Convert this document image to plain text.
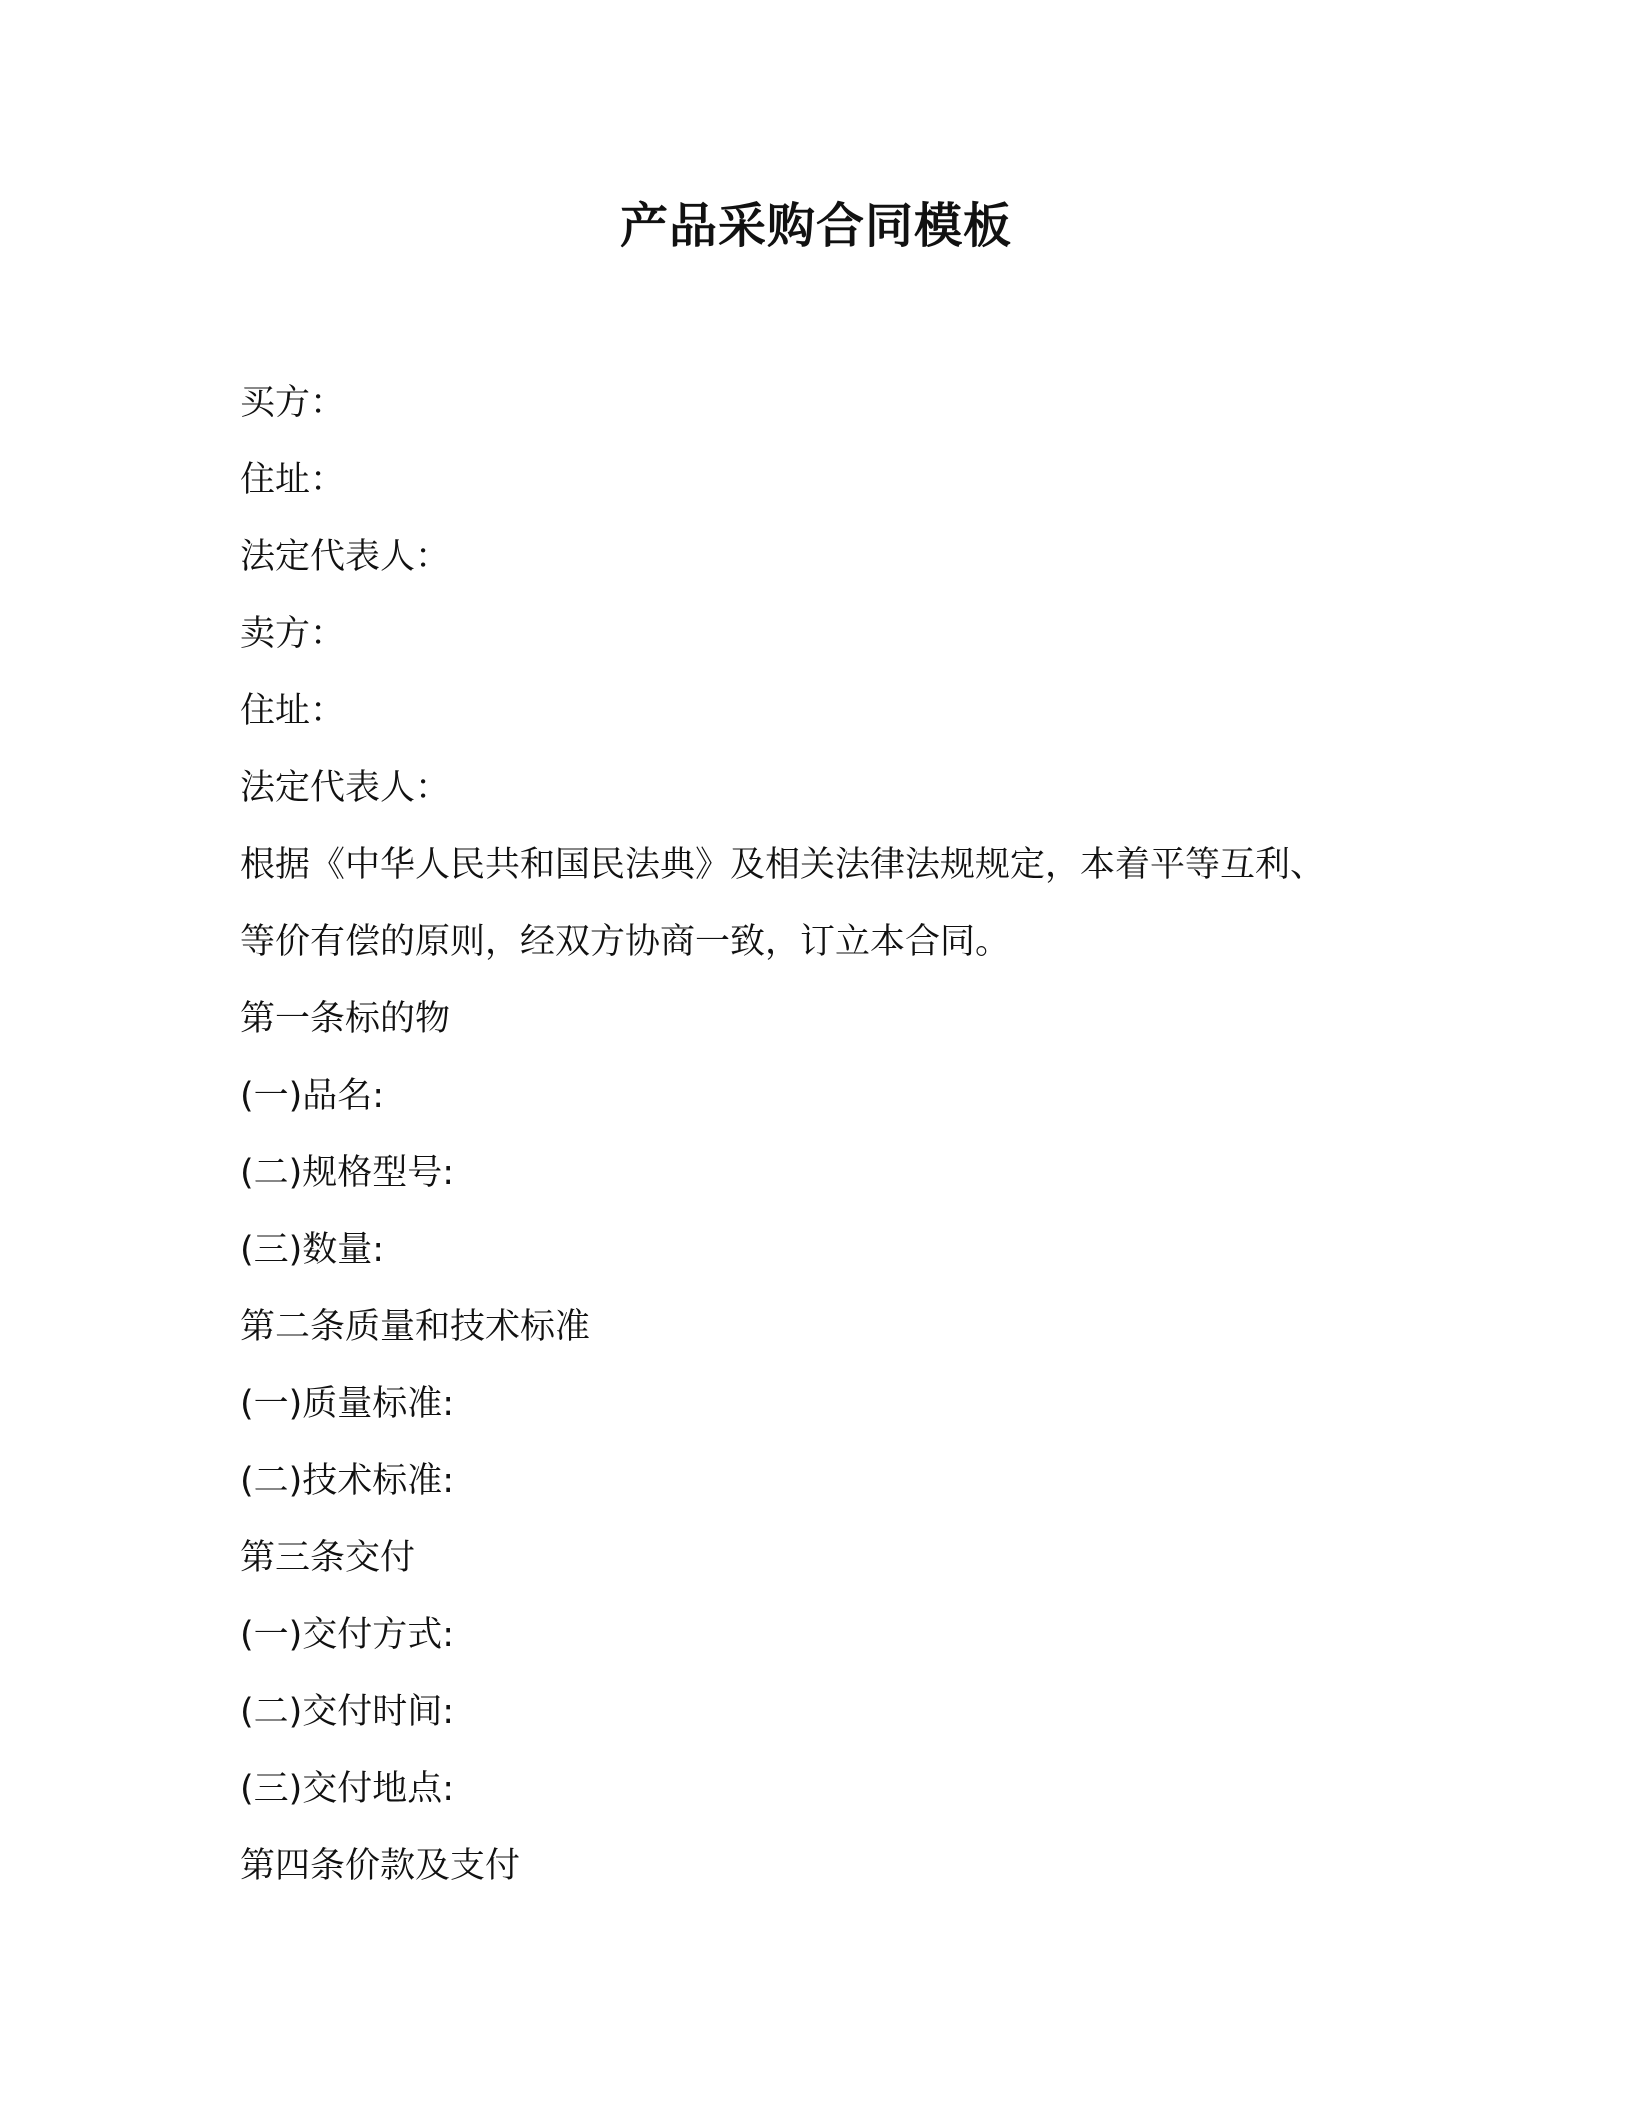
产品采购合同模板

买方：

住址：

法定代表人：

卖方：

住址：

法定代表人：

根据《中华人民共和国民法典》及相关法律法规规定，本着平等互利、

等价有偿的原则，经双方协商一致，订立本合同。

第一条标的物

(一)品名:

(二)规格型号:

(三)数量:

第二条质量和技术标准

(一)质量标准:

(二)技术标准:

第三条交付

(一)交付方式:

(二)交付时间:

(三)交付地点:

第四条价款及支付
